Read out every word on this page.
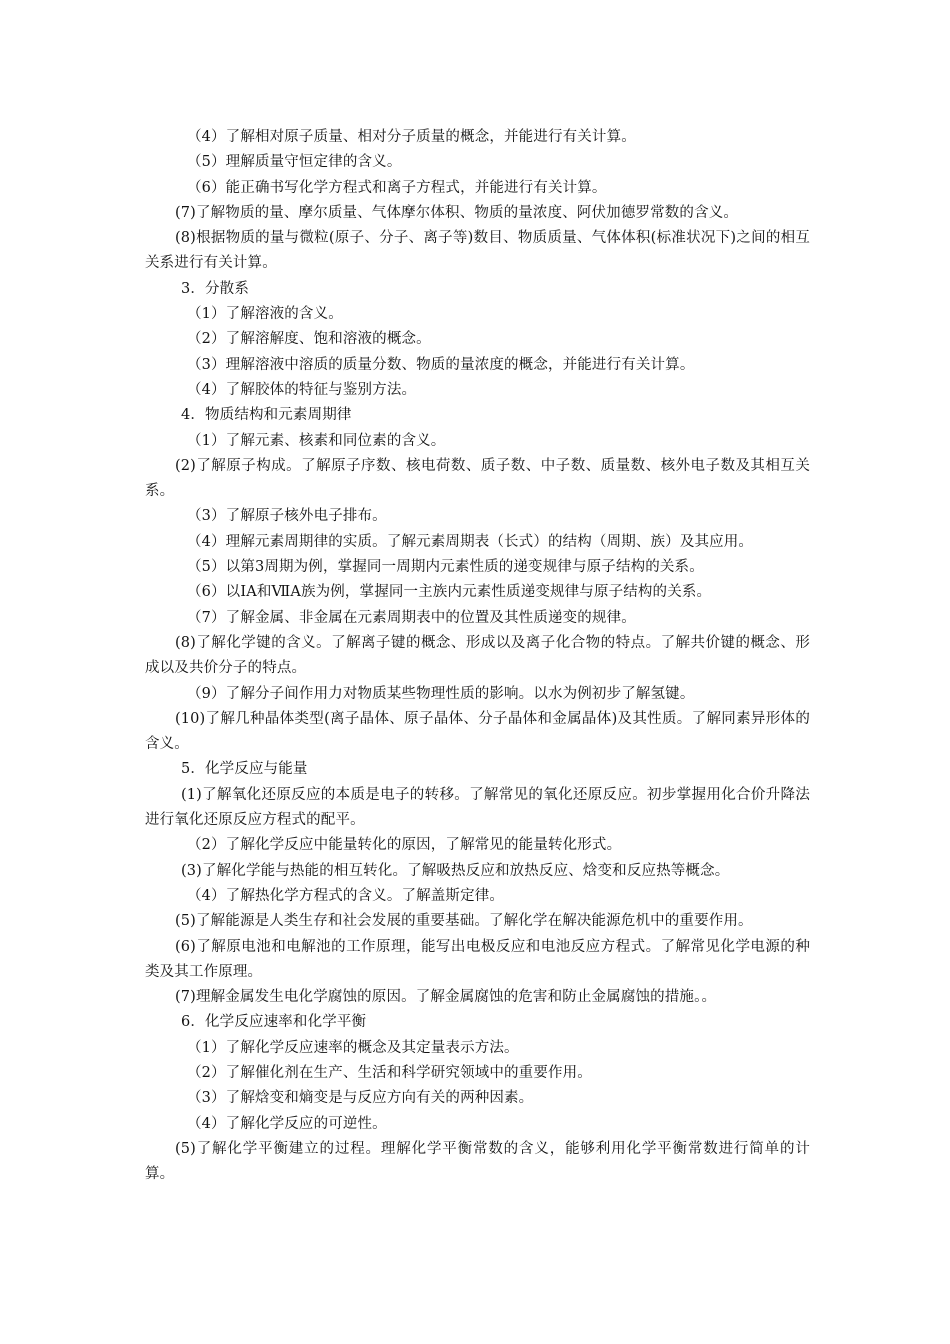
（4）了解相对原子质量、相对分子质量的概念，并能进行有关计算。
（5）理解质量守恒定律的含义。
（6）能正确书写化学方程式和离子方程式，并能进行有关计算。
(7)了解物质的量、摩尔质量、气体摩尔体积、物质的量浓度、阿伏加德罗常数的含义。
(8)根据物质的量与微粒(原子、分子、离子等)数目、物质质量、气体体积(标准状况下)之间的相互关系进行有关计算。
3．分散系
（1）了解溶液的含义。
（2）了解溶解度、饱和溶液的概念。
（3）理解溶液中溶质的质量分数、物质的量浓度的概念，并能进行有关计算。
（4）了解胶体的特征与鉴别方法。
4．物质结构和元素周期律
（1）了解元素、核素和同位素的含义。
(2)了解原子构成。了解原子序数、核电荷数、质子数、中子数、质量数、核外电子数及其相互关系。
（3）了解原子核外电子排布。
（4）理解元素周期律的实质。了解元素周期表（长式）的结构（周期、族）及其应用。
（5）以第3周期为例，掌握同一周期内元素性质的递变规律与原子结构的关系。
（6）以ⅠA和ⅦA族为例，掌握同一主族内元素性质递变规律与原子结构的关系。
（7）了解金属、非金属在元素周期表中的位置及其性质递变的规律。
(8)了解化学键的含义。了解离子键的概念、形成以及离子化合物的特点。了解共价键的概念、形成以及共价分子的特点。
（9）了解分子间作用力对物质某些物理性质的影响。以水为例初步了解氢键。
(10)了解几种晶体类型(离子晶体、原子晶体、分子晶体和金属晶体)及其性质。了解同素异形体的含义。
5．化学反应与能量
(1)了解氧化还原反应的本质是电子的转移。了解常见的氧化还原反应。初步掌握用化合价升降法进行氧化还原反应方程式的配平。
（2）了解化学反应中能量转化的原因，了解常见的能量转化形式。
(3)了解化学能与热能的相互转化。了解吸热反应和放热反应、焓变和反应热等概念。
（4）了解热化学方程式的含义。了解盖斯定律。
(5)了解能源是人类生存和社会发展的重要基础。了解化学在解决能源危机中的重要作用。
(6)了解原电池和电解池的工作原理，能写出电极反应和电池反应方程式。了解常见化学电源的种类及其工作原理。
(7)理解金属发生电化学腐蚀的原因。了解金属腐蚀的危害和防止金属腐蚀的措施。。
6．化学反应速率和化学平衡
（1）了解化学反应速率的概念及其定量表示方法。
（2）了解催化剂在生产、生活和科学研究领域中的重要作用。
（3）了解焓变和熵变是与反应方向有关的两种因素。
（4）了解化学反应的可逆性。
(5)了解化学平衡建立的过程。理解化学平衡常数的含义，能够利用化学平衡常数进行简单的计算。
